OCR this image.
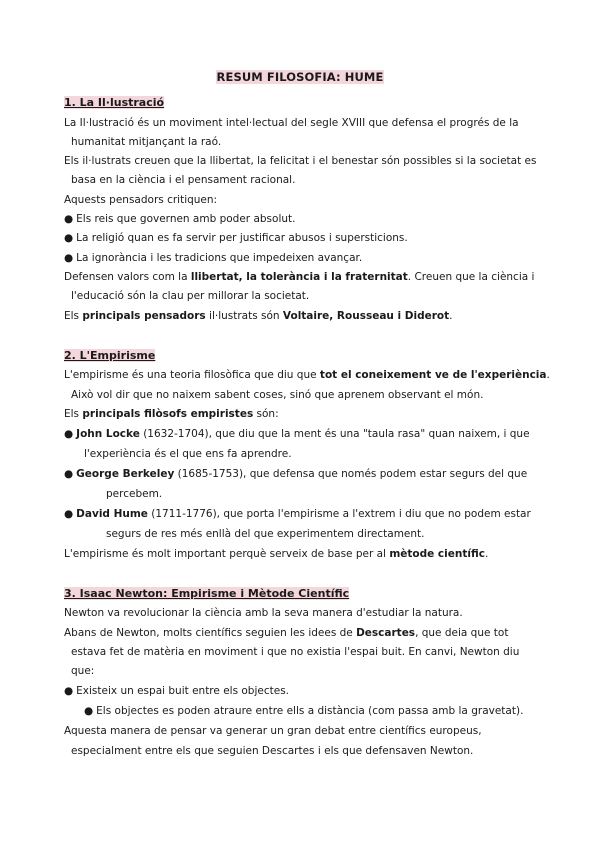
RESUM FILOSOFIA: HUME
1. La Il·lustració
La Il·lustració és un moviment intel·lectual del segle XVIII que defensa el progrés de la
humanitat mitjançant la raó.
Els il·lustrats creuen que la llibertat, la felicitat i el benestar són possibles si la societat es
basa en la ciència i el pensament racional.
Aquests pensadors critiquen:
● Els reis que governen amb poder absolut.
● La religió quan es fa servir per justificar abusos i supersticions.
● La ignorància i les tradicions que impedeixen avançar.
Defensen valors com la llibertat, la tolerància i la fraternitat. Creuen que la ciència i
l'educació són la clau per millorar la societat.
Els principals pensadors il·lustrats són Voltaire, Rousseau i Diderot.
2. L'Empirisme
L'empirisme és una teoria filosòfica que diu que tot el coneixement ve de l'experiència.
Això vol dir que no naixem sabent coses, sinó que aprenem observant el món.
Els principals filòsofs empiristes són:
● John Locke (1632-1704), que diu que la ment és una "taula rasa" quan naixem, i que
l'experiència és el que ens fa aprendre.
● George Berkeley (1685-1753), que defensa que només podem estar segurs del que
percebem.
● David Hume (1711-1776), que porta l'empirisme a l'extrem i diu que no podem estar
segurs de res més enllà del que experimentem directament.
L'empirisme és molt important perquè serveix de base per al mètode científic.
3. Isaac Newton: Empirisme i Mètode Científic
Newton va revolucionar la ciència amb la seva manera d'estudiar la natura.
Abans de Newton, molts científics seguien les idees de Descartes, que deia que tot
estava fet de matèria en moviment i que no existia l'espai buit. En canvi, Newton diu
que:
● Existeix un espai buit entre els objectes.
● Els objectes es poden atraure entre ells a distància (com passa amb la gravetat).
Aquesta manera de pensar va generar un gran debat entre científics europeus,
especialment entre els que seguien Descartes i els que defensaven Newton.
